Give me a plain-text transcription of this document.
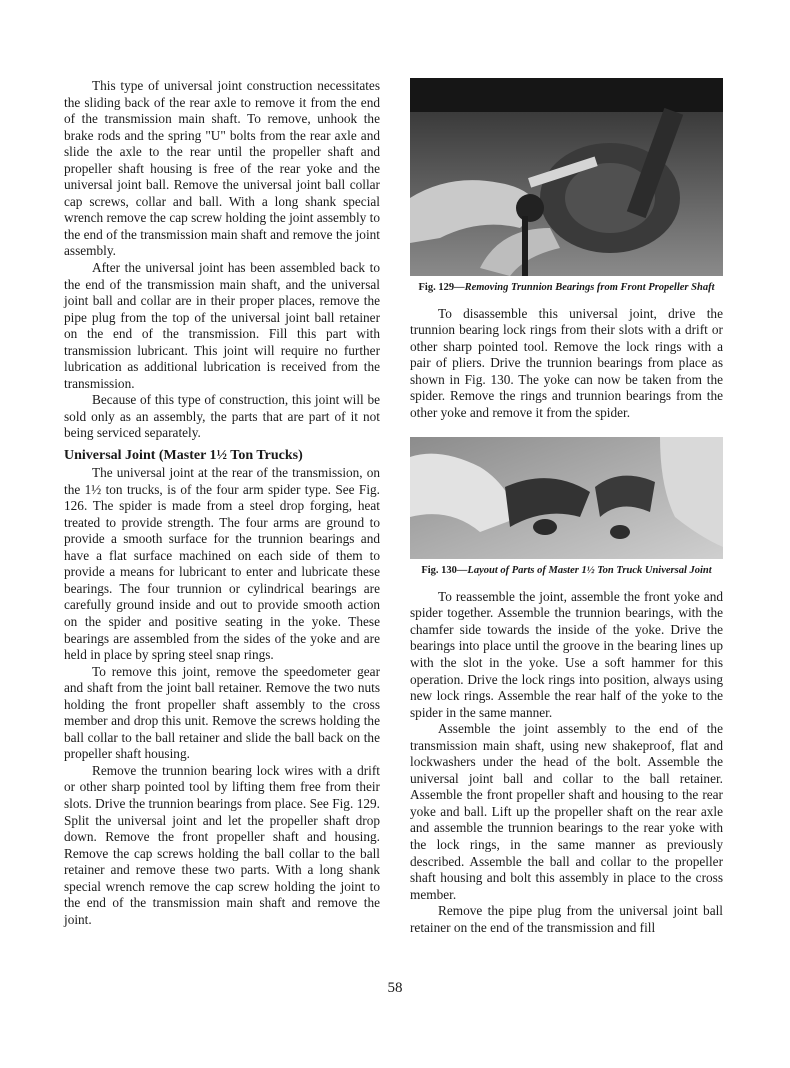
This type of universal joint construction necessitates the sliding back of the rear axle to remove it from the end of the transmission main shaft. To remove, unhook the brake rods and the spring "U" bolts from the rear axle and slide the axle to the rear until the propeller shaft and propeller shaft housing is free of the rear yoke and the universal joint ball. Remove the universal joint ball collar cap screws, collar and ball. With a long shank special wrench remove the cap screw holding the joint assembly to the end of the transmission main shaft and remove the joint assembly.

After the universal joint has been assembled back to the end of the transmission main shaft, and the universal joint ball and collar are in their proper places, remove the pipe plug from the top of the universal joint ball retainer on the end of the transmission. Fill this part with transmission lubricant. This joint will require no further lubrication as additional lubrication is received from the transmission.

Because of this type of construction, this joint will be sold only as an assembly, the parts that are part of it not being serviced separately.

Universal Joint (Master 1½ Ton Trucks)

The universal joint at the rear of the transmission, on the 1½ ton trucks, is of the four arm spider type. See Fig. 126. The spider is made from a steel drop forging, heat treated to provide strength. The four arms are ground to provide a smooth surface for the trunnion bearings and have a flat surface machined on each side of them to provide a means for lubricant to enter and lubricate these bearings. The four trunnion or cylindrical bearings are carefully ground inside and out to provide smooth action on the spider and positive seating in the yoke. These bearings are assembled from the sides of the yoke and are held in place by spring steel snap rings.

To remove this joint, remove the speedometer gear and shaft from the joint ball retainer. Remove the two nuts holding the front propeller shaft assembly to the cross member and drop this unit. Remove the screws holding the ball collar to the ball retainer and slide the ball back on the propeller shaft housing.

Remove the trunnion bearing lock wires with a drift or other sharp pointed tool by lifting them free from their slots. Drive the trunnion bearings from place. See Fig. 129. Split the universal joint and let the propeller shaft drop down. Remove the front propeller shaft and housing. Remove the cap screws holding the ball collar to the ball retainer and remove these two parts. With a long shank special wrench remove the cap screw holding the joint to the end of the transmission main shaft and remove the joint.

Fig. 129—Removing Trunnion Bearings from Front Propeller Shaft

To disassemble this universal joint, drive the trunnion bearing lock rings from their slots with a drift or other sharp pointed tool. Remove the lock rings with a pair of pliers. Drive the trunnion bearings from place as shown in Fig. 130. The yoke can now be taken from the spider. Remove the rings and trunnion bearings from the other yoke and remove it from the spider.

Fig. 130—Layout of Parts of Master 1½ Ton Truck Universal Joint

To reassemble the joint, assemble the front yoke and spider together. Assemble the trunnion bearings, with the chamfer side towards the inside of the yoke. Drive the bearings into place until the groove in the bearing lines up with the slot in the yoke. Use a soft hammer for this operation. Drive the lock rings into position, always using new lock rings. Assemble the rear half of the yoke to the spider in the same manner.

Assemble the joint assembly to the end of the transmission main shaft, using new shakeproof, flat and lockwashers under the head of the bolt. Assemble the universal joint ball and collar to the ball retainer. Assemble the front propeller shaft and housing to the rear yoke and ball. Lift up the propeller shaft on the rear axle and assemble the trunnion bearings to the rear yoke with the lock rings, in the same manner as previously described. Assemble the ball and collar to the propeller shaft housing and bolt this assembly in place to the cross member.

Remove the pipe plug from the universal joint ball retainer on the end of the transmission and fill

58
